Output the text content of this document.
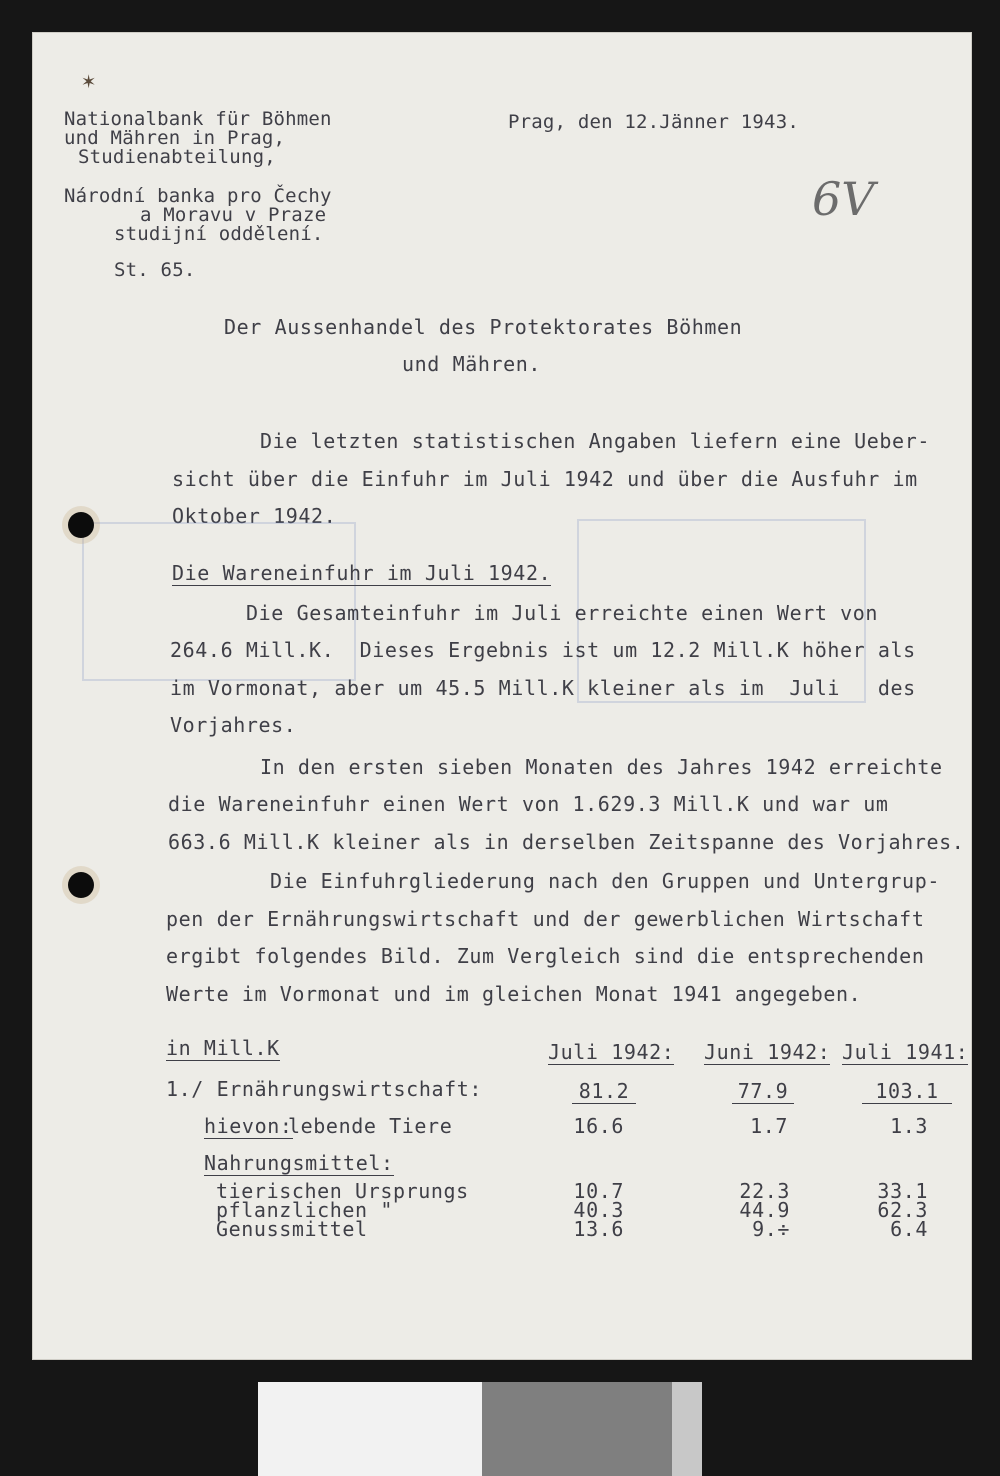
✶
Nationalbank für Böhmen
und Mähren in Prag,
Studienabteilung,
Národní banka pro Čechy
a Moravu v Praze
studijní oddělení.
St. 65.
Prag, den 12.Jänner 1943.
6V
Der Aussenhandel des Protektorates Böhmen
und Mähren.
Die letzten statistischen Angaben liefern eine Ueber-
sicht über die Einfuhr im Juli 1942 und über die Ausfuhr im
Oktober 1942.
Die Wareneinfuhr im Juli 1942.
Die Gesamteinfuhr im Juli erreichte einen Wert von
264.6 Mill.K.  Dieses Ergebnis ist um 12.2 Mill.K höher als
im Vormonat, aber um 45.5 Mill.K kleiner als im  Juli   des
Vorjahres.
In den ersten sieben Monaten des Jahres 1942 erreichte
die Wareneinfuhr einen Wert von 1.629.3 Mill.K und war um
663.6 Mill.K kleiner als in derselben Zeitspanne des Vorjahres.
Die Einfuhrgliederung nach den Gruppen und Untergrup-
pen der Ernährungswirtschaft und der gewerblichen Wirtschaft
ergibt folgendes Bild. Zum Vergleich sind die entsprechenden
Werte im Vormonat und im gleichen Monat 1941 angegeben.
in Mill.K	Juli 1942: Juni 1942: Juli 1941:
1./ Ernährungswirtschaft:	81.2	77.9	103.1
hievon:
lebende Tiere	16.6	1.7	1.3
Nahrungsmittel:
tierischen Ursprungs	10.7	22.3	33.1
pflanzlichen "	40.3	44.9	62.3
Genussmittel	13.6	9.÷	6.4
